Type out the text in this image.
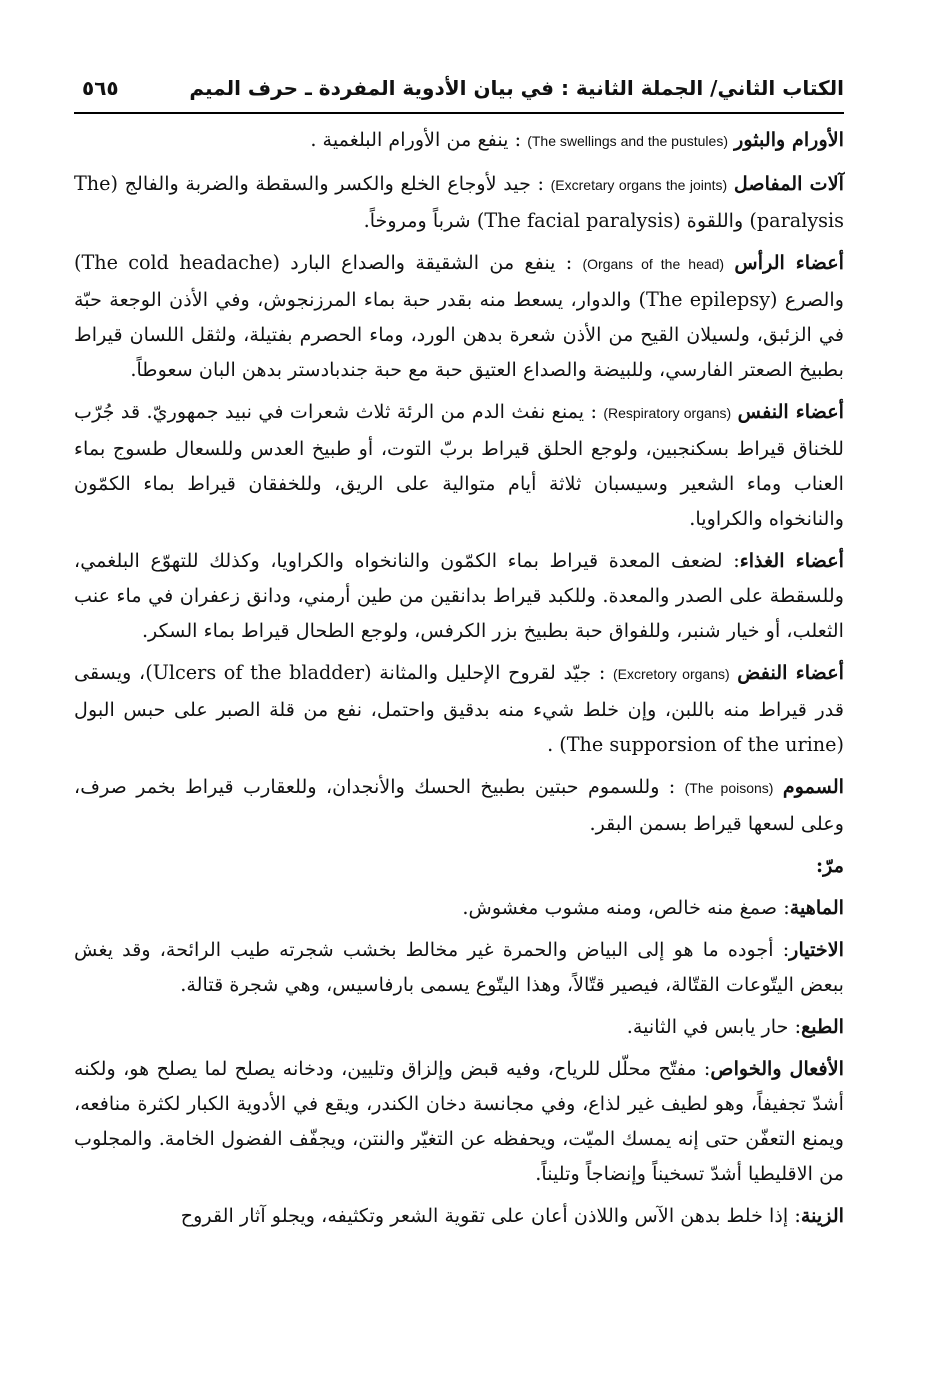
الكتاب الثاني/ الجملة الثانية : في بيان الأدوية المفردة ـ حرف الميم
٥٦٥

الأورام والبثور (The swellings and the pustules) : ينفع من الأورام البلغمية .

آلات المفاصل (Excretary organs the joints) : جيد لأوجاع الخلع والكسر والسقطة والضربة والفالج (The paralysis) واللقوة (The facial paralysis) شرباً ومروخاً.

أعضاء الرأس (Organs of the head) : ينفع من الشقيقة والصداع البارد (The cold headache) والصرع (The epilepsy) والدوار، يسعط منه بقدر حبة بماء المرزنجوش، وفي الأذن الوجعة حبّة في الزئبق، ولسيلان القيح من الأذن شعرة بدهن الورد، وماء الحصرم بفتيلة، ولثقل اللسان قيراط بطبيخ الصعتر الفارسي، وللبيضة والصداع العتيق حبة مع حبة جندبادستر بدهن البان سعوطاً.

أعضاء النفس (Respiratory organs) : يمنع نفث الدم من الرئة ثلاث شعرات في نبيد جمهوريّ. قد جُرّب للخناق قيراط بسكنجبين، ولوجع الحلق قيراط بربّ التوت، أو طبيخ العدس وللسعال طسوج بماء العناب وماء الشعير وسيسبان ثلاثة أيام متوالية على الريق، وللخفقان قيراط بماء الكمّون والنانخواه والكراويا.

أعضاء الغذاء: لضعف المعدة قيراط بماء الكمّون والنانخواه والكراويا، وكذلك للتهوّع البلغمي، وللسقطة على الصدر والمعدة. وللكبد قيراط بدانقين من طين أرمني، ودانق زعفران في ماء عنب الثعلب، أو خيار شنبر، وللفواق حبة بطبيخ بزر الكرفس، ولوجع الطحال قيراط بماء السكر.

أعضاء النفض (Excretory organs) : جيّد لقروح الإحليل والمثانة (Ulcers of the bladder)، ويسقى قدر قيراط منه باللبن، وإن خلط شيء منه بدقيق واحتمل، نفع من قلة الصبر على حبس البول (The supporsion of the urine) .

السموم (The poisons) : وللسموم حبتين بطبيخ الحسك والأنجدان، وللعقارب قيراط بخمر صرف، وعلى لسعها قيراط بسمن البقر.

مرّ:

الماهية: صمغ منه خالص، ومنه مشوب مغشوش.

الاختيار: أجوده ما هو إلى البياض والحمرة غير مخالط بخشب شجرته طيب الرائحة، وقد يغش ببعض اليتّوعات القتّالة، فيصير قتّالاً، وهذا اليتّوع يسمى بارفاسيس، وهي شجرة قتالة.

الطبع: حار يابس في الثانية.

الأفعال والخواص: مفتّح محلّل للرياح، وفيه قبض وإلزاق وتليين، ودخانه يصلح لما يصلح هو، ولكنه أشدّ تجفيفاً، وهو لطيف غير لذاع، وفي مجانسة دخان الكندر، ويقع في الأدوية الكبار لكثرة منافعه، ويمنع التعفّن حتى إنه يمسك الميّت، ويحفظه عن التغيّر والنتن، ويجفّف الفضول الخامة. والمجلوب من الاقليطيا أشدّ تسخيناً وإنضاجاً وتليناً.

الزينة: إذا خلط بدهن الآس واللاذن أعان على تقوية الشعر وتكثيفه، ويجلو آثار القروح
